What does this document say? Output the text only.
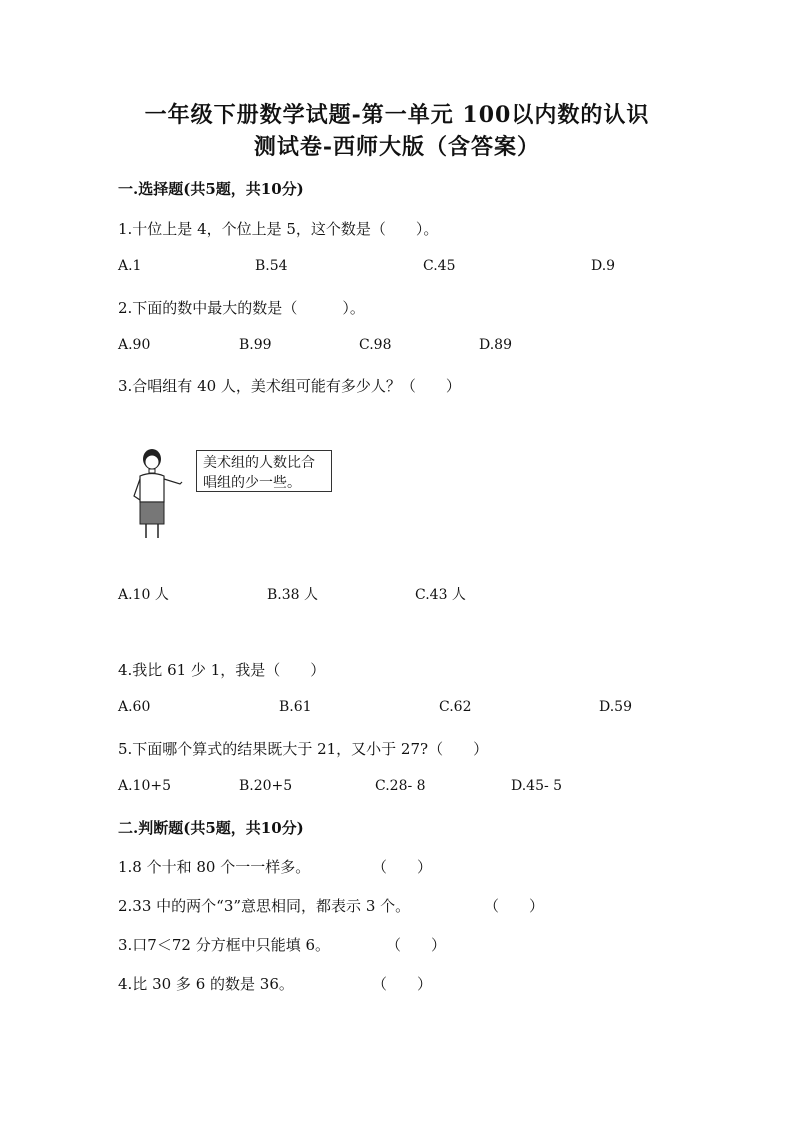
一年级下册数学试题-第一单元 100以内数的认识
测试卷-西师大版（含答案）
一.选择题(共5题，共10分)
1.十位上是 4，个位上是 5，这个数是（　　）。
A.1	B.54	C.45	D.9
2.下面的数中最大的数是（　　　）。
A.90	B.99	C.98	D.89
3.合唱组有 40 人，美术组可能有多少人？（　　）
美术组的人数比合
唱组的少一些。
A.10 人	B.38 人	C.43 人
4.我比 61 少 1，我是（　　）
A.60	B.61	C.62	D.59
5.下面哪个算式的结果既大于 21，又小于 27?（　　）
A.10+5	B.20+5	C.28- 8	D.45- 5
二.判断题(共5题，共10分)
1.8 个十和 80 个一一样多。	（　　）
2.33 中的两个“3”意思相同，都表示 3 个。	（　　）
3.口7＜72 分方框中只能填 6。	（　　）
4.比 30 多 6 的数是 36。	（　　）
